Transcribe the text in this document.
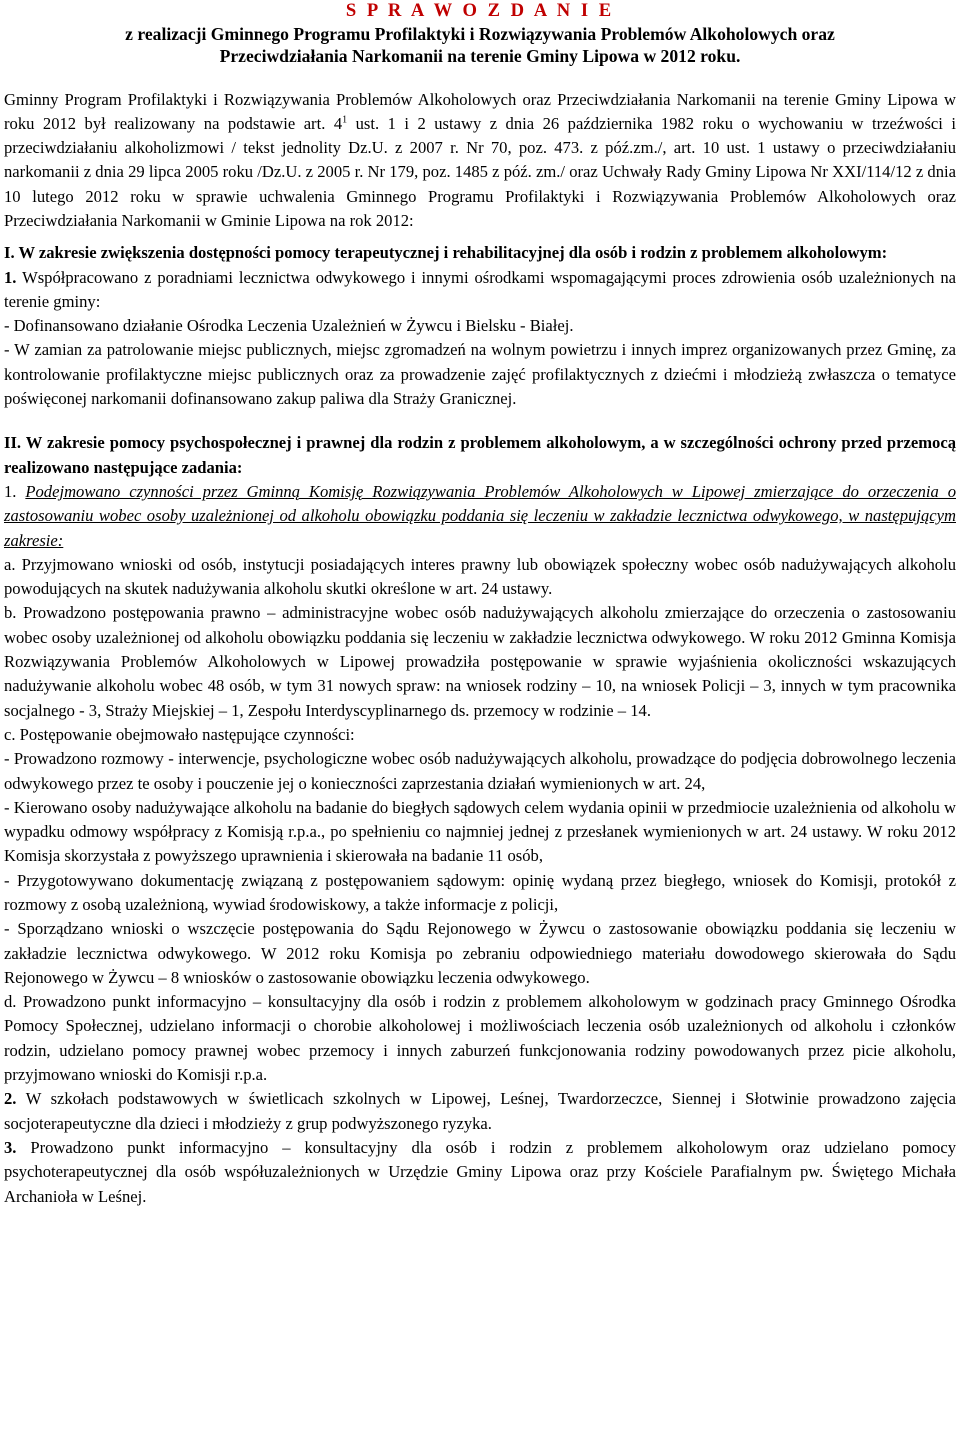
S P R A W O Z D A N I E
z realizacji Gminnego Programu Profilaktyki i Rozwiązywania Problemów Alkoholowych oraz
Przeciwdziałania Narkomanii na terenie Gminy Lipowa w 2012 roku.

Gminny Program Profilaktyki i Rozwiązywania Problemów Alkoholowych oraz Przeciwdziałania Narkomanii na terenie Gminy Lipowa w roku 2012 był realizowany na podstawie art. $4^1$ ust. 1 i 2 ustawy z dnia 26 października 1982 roku o wychowaniu w trzeźwości i przeciwdziałaniu alkoholizmowi / tekst jednolity Dz.U. z 2007 r. Nr 70, poz. 473. z póź.zm./, art. 10 ust. 1 ustawy o przeciwdziałaniu narkomanii z dnia 29 lipca 2005 roku /Dz.U. z 2005 r. Nr 179, poz. 1485 z póź. zm./ oraz Uchwały Rady Gminy Lipowa Nr XXI/114/12 z dnia 10 lutego 2012 roku w sprawie uchwalenia Gminnego Programu Profilaktyki i Rozwiązywania Problemów Alkoholowych oraz Przeciwdziałania Narkomanii w Gminie Lipowa na rok 2012:

I. W zakresie zwiększenia dostępności pomocy terapeutycznej i rehabilitacyjnej dla osób i rodzin z problemem alkoholowym:

1. Współpracowano z poradniami lecznictwa odwykowego i innymi ośrodkami wspomagającymi proces zdrowienia osób uzależnionych na terenie gminy:

- Dofinansowano działanie Ośrodka Leczenia Uzależnień w Żywcu i Bielsku - Białej.

- W zamian za patrolowanie miejsc publicznych, miejsc zgromadzeń na wolnym powietrzu i innych imprez organizowanych przez Gminę, za kontrolowanie profilaktyczne miejsc publicznych oraz za prowadzenie zajęć profilaktycznych z dziećmi i młodzieżą zwłaszcza o tematyce poświęconej narkomanii dofinansowano zakup paliwa dla Straży Granicznej.

II. W zakresie pomocy psychospołecznej i prawnej dla rodzin z problemem alkoholowym, a w szczególności ochrony przed przemocą realizowano następujące zadania:

1. Podejmowano czynności przez Gminną Komisję Rozwiązywania Problemów Alkoholowych w Lipowej zmierzające do orzeczenia o zastosowaniu wobec osoby uzależnionej od alkoholu obowiązku poddania się leczeniu w zakładzie lecznictwa odwykowego, w następującym zakresie:

a. Przyjmowano wnioski od osób, instytucji posiadających interes prawny lub obowiązek społeczny wobec osób nadużywających alkoholu powodujących na skutek nadużywania alkoholu skutki określone w art. 24 ustawy.

b. Prowadzono postępowania prawno – administracyjne wobec osób nadużywających alkoholu zmierzające do orzeczenia o zastosowaniu wobec osoby uzależnionej od alkoholu obowiązku poddania się leczeniu w zakładzie lecznictwa odwykowego. W roku 2012 Gminna Komisja Rozwiązywania Problemów Alkoholowych w Lipowej prowadziła postępowanie w sprawie wyjaśnienia okoliczności wskazujących nadużywanie alkoholu wobec 48 osób, w tym 31 nowych spraw: na wniosek rodziny – 10, na wniosek Policji – 3, innych w tym pracownika socjalnego - 3, Straży Miejskiej – 1, Zespołu Interdyscyplinarnego ds. przemocy w rodzinie – 14.

c. Postępowanie obejmowało następujące czynności:

- Prowadzono rozmowy - interwencje, psychologiczne wobec osób nadużywających alkoholu, prowadzące do podjęcia dobrowolnego leczenia odwykowego przez te osoby i pouczenie jej o konieczności zaprzestania działań wymienionych w art. 24,

- Kierowano osoby nadużywające alkoholu na badanie do biegłych sądowych celem wydania opinii w przedmiocie uzależnienia od alkoholu w wypadku odmowy współpracy z Komisją r.p.a., po spełnieniu co najmniej jednej z przesłanek wymienionych w art. 24 ustawy. W roku 2012 Komisja skorzystała z powyższego uprawnienia i skierowała na badanie 11 osób,

- Przygotowywano dokumentację związaną z postępowaniem sądowym: opinię wydaną przez biegłego, wniosek do Komisji, protokół z rozmowy z osobą uzależnioną, wywiad środowiskowy, a także informacje z policji,

- Sporządzano wnioski o wszczęcie postępowania do Sądu Rejonowego w Żywcu o zastosowanie obowiązku poddania się leczeniu w zakładzie lecznictwa odwykowego. W 2012 roku Komisja po zebraniu odpowiedniego materiału dowodowego skierowała do Sądu Rejonowego w Żywcu – 8 wniosków o zastosowanie obowiązku leczenia odwykowego.

d. Prowadzono punkt informacyjno – konsultacyjny dla osób i rodzin z problemem alkoholowym w godzinach pracy Gminnego Ośrodka Pomocy Społecznej, udzielano informacji o chorobie alkoholowej i możliwościach leczenia osób uzależnionych od alkoholu i członków rodzin, udzielano pomocy prawnej wobec przemocy i innych zaburzeń funkcjonowania rodziny powodowanych przez picie alkoholu, przyjmowano wnioski do Komisji r.p.a.

2. W szkołach podstawowych w świetlicach szkolnych w Lipowej, Leśnej, Twardorzeczce, Siennej i Słotwinie prowadzono zajęcia socjoterapeutyczne dla dzieci i młodzieży z grup podwyższonego ryzyka.

3. Prowadzono punkt informacyjno – konsultacyjny dla osób i rodzin z problemem alkoholowym oraz udzielano pomocy psychoterapeutycznej dla osób współuzależnionych w Urzędzie Gminy Lipowa oraz przy Kościele Parafialnym pw. Świętego Michała Archanioła w Leśnej.
